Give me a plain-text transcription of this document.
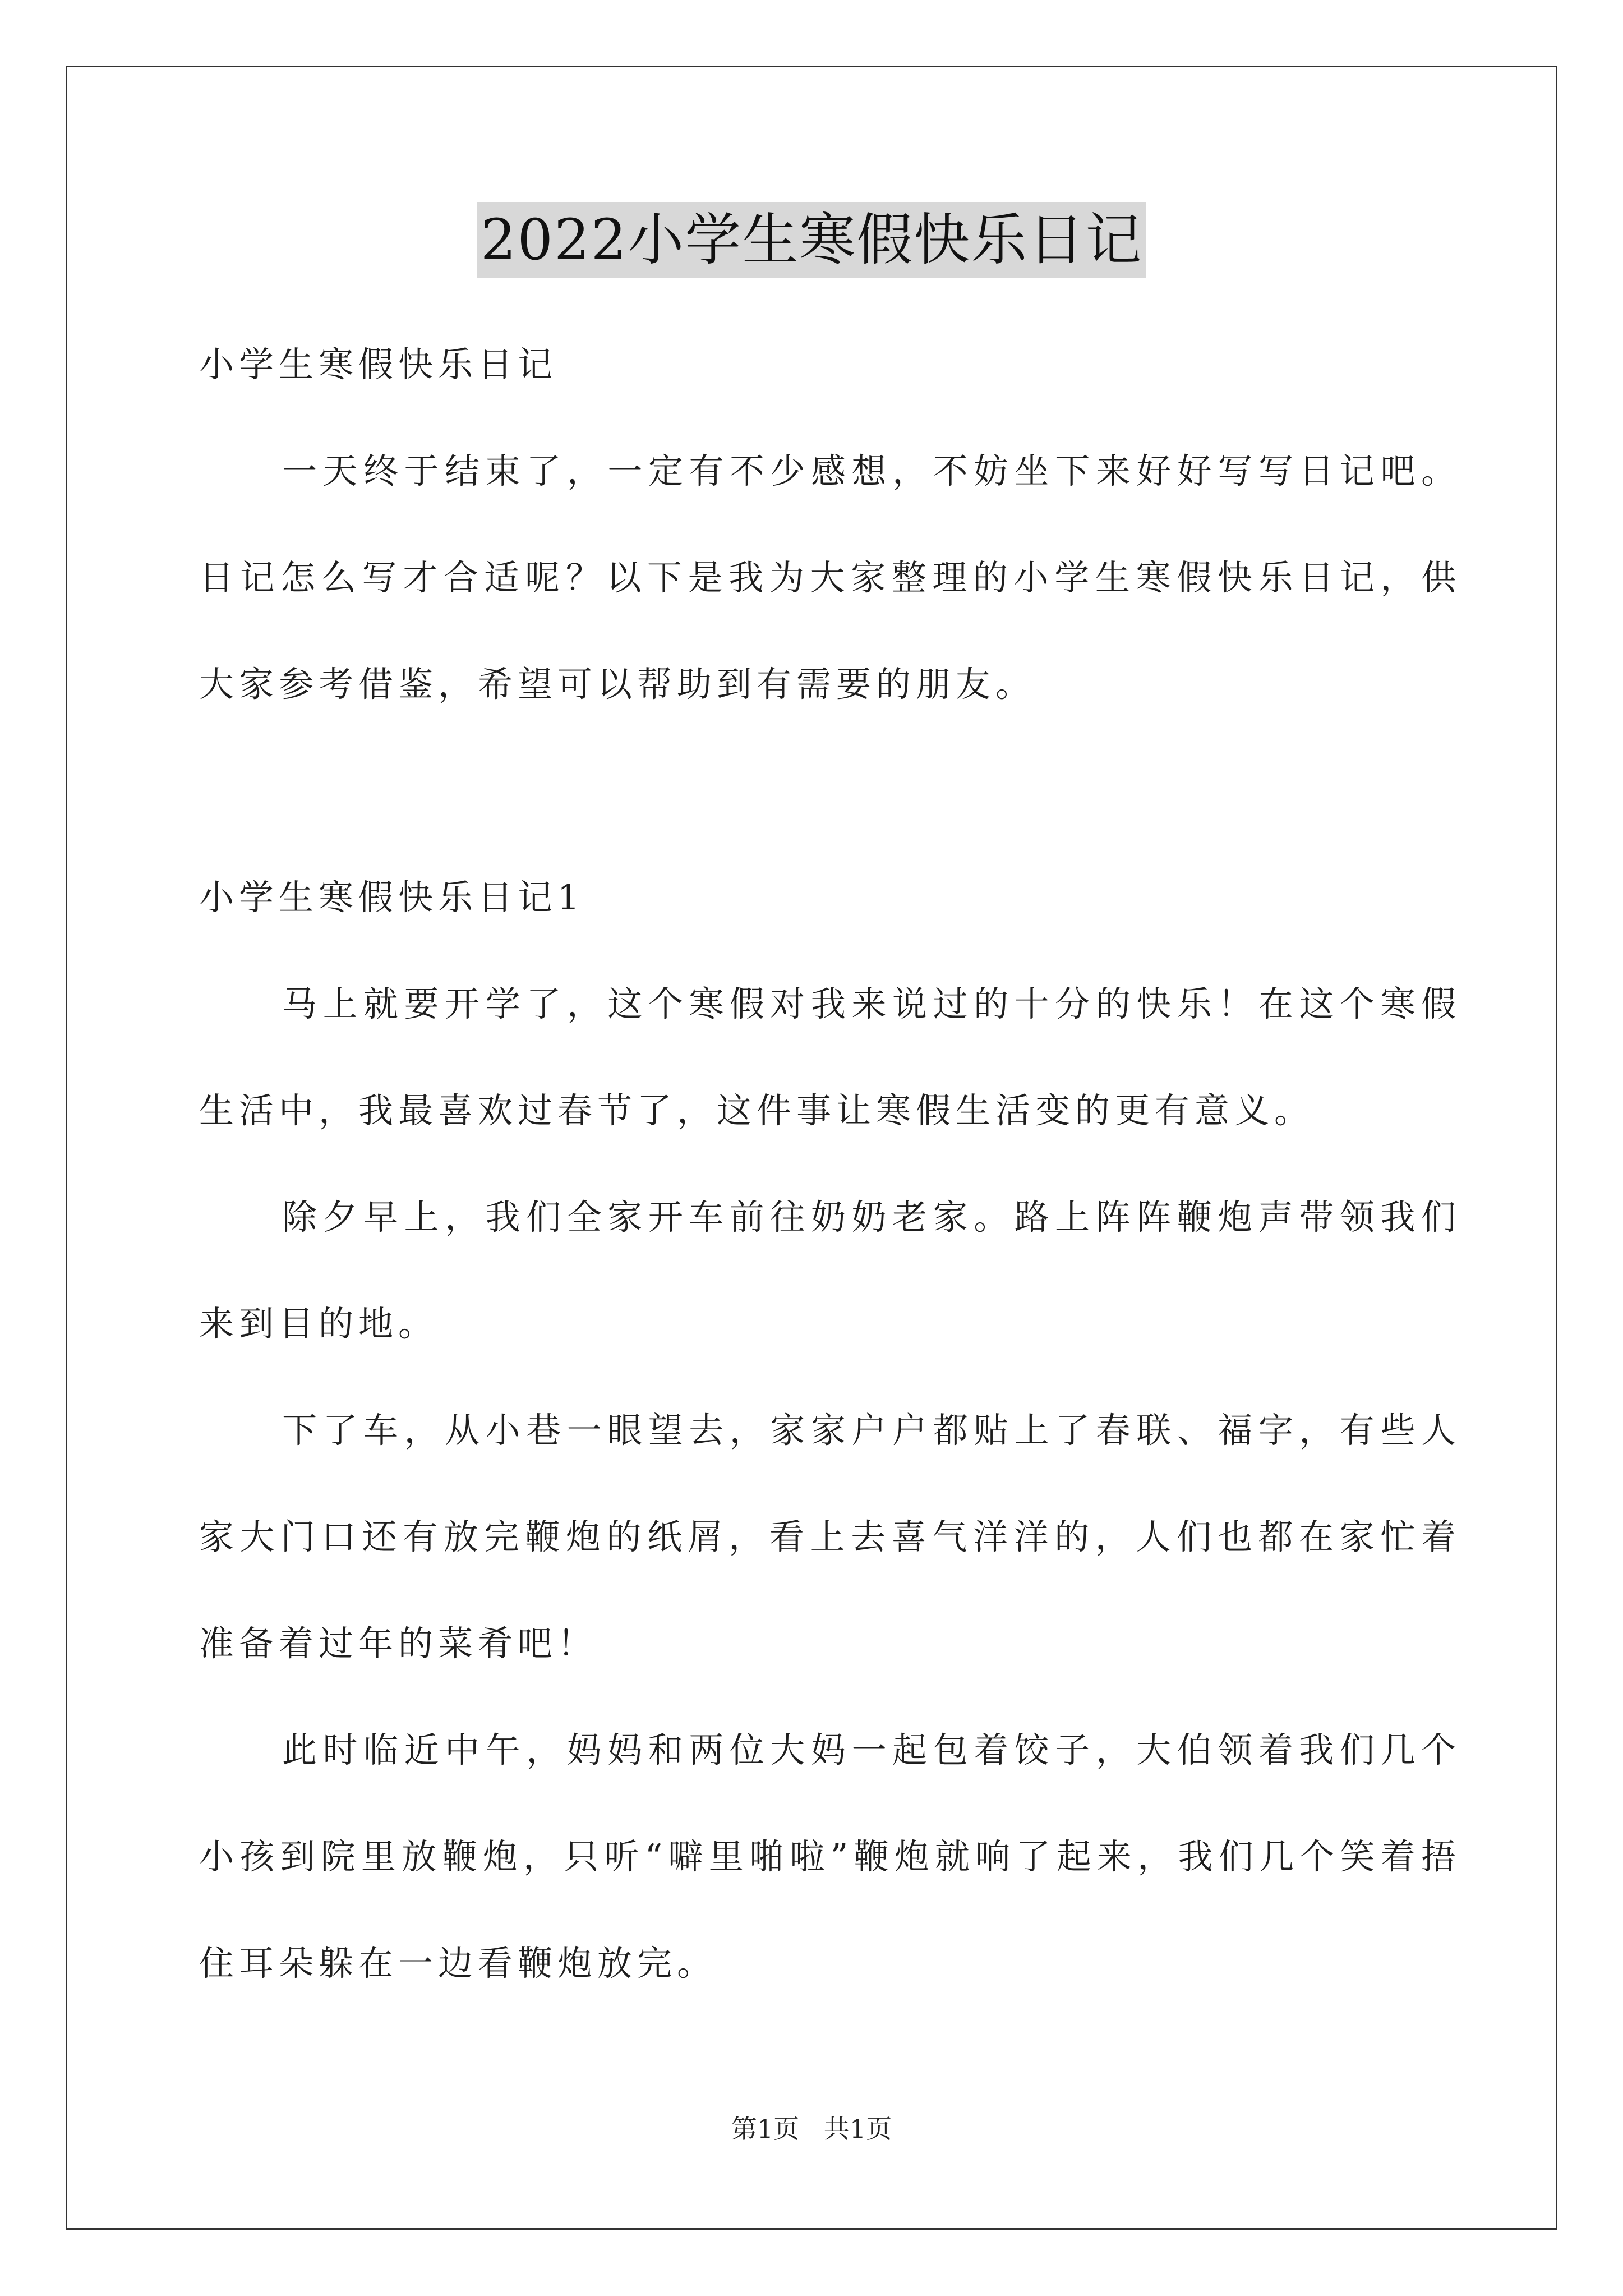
2022小学生寒假快乐日记

小学生寒假快乐日记

一天终于结束了，一定有不少感想，不妨坐下来好好写写日记吧。日记怎么写才合适呢？以下是我为大家整理的小学生寒假快乐日记，供大家参考借鉴，希望可以帮助到有需要的朋友。

小学生寒假快乐日记1

马上就要开学了，这个寒假对我来说过的十分的快乐！在这个寒假生活中，我最喜欢过春节了，这件事让寒假生活变的更有意义。

除夕早上，我们全家开车前往奶奶老家。路上阵阵鞭炮声带领我们来到目的地。

下了车，从小巷一眼望去，家家户户都贴上了春联、福字，有些人家大门口还有放完鞭炮的纸屑，看上去喜气洋洋的，人们也都在家忙着准备着过年的菜肴吧！

此时临近中午，妈妈和两位大妈一起包着饺子，大伯领着我们几个小孩到院里放鞭炮，只听“噼里啪啦”鞭炮就响了起来，我们几个笑着捂住耳朵躲在一边看鞭炮放完。

第1页   共1页
